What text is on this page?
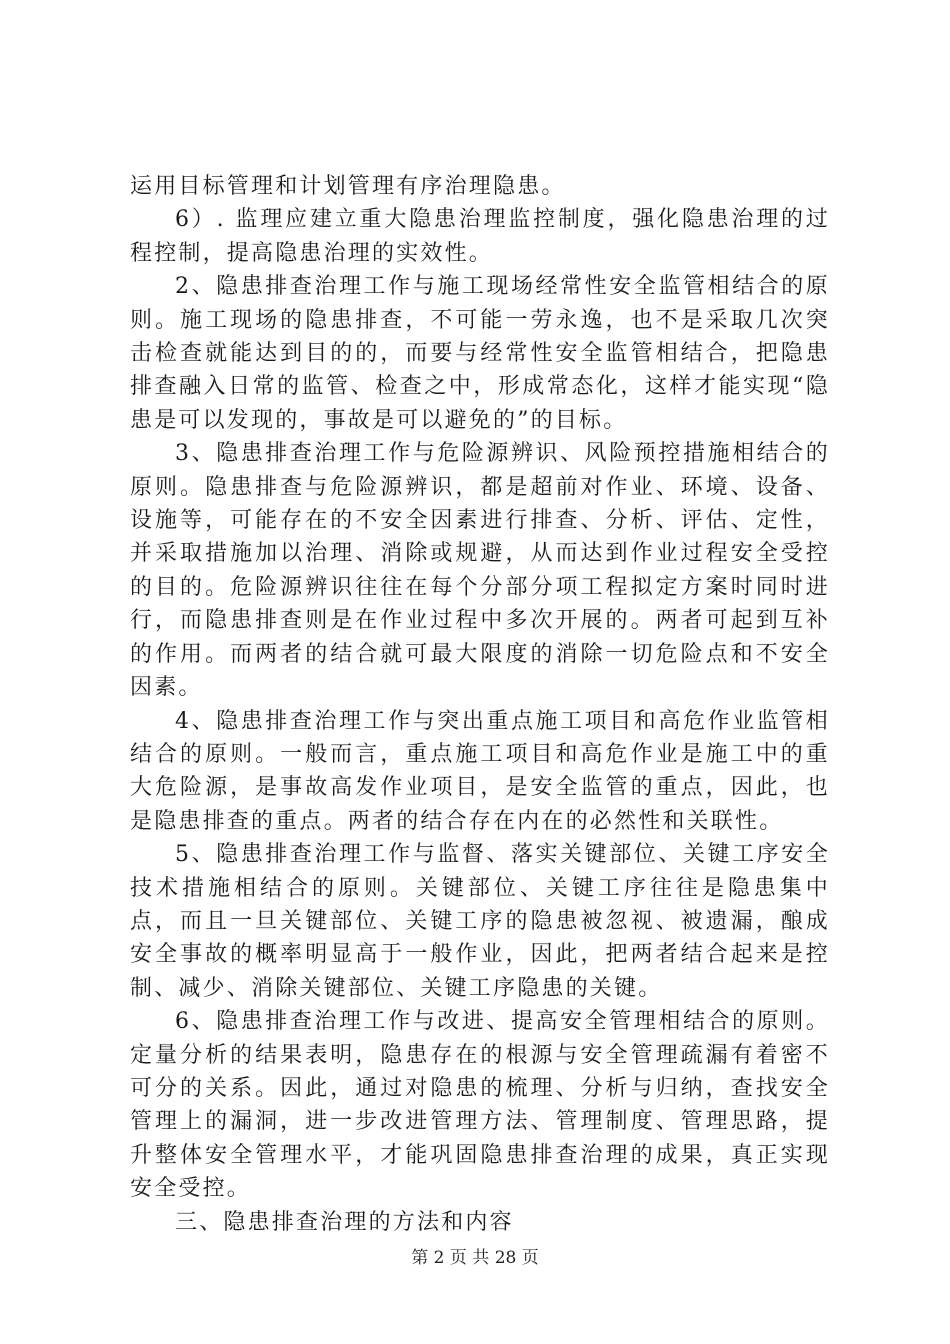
运用目标管理和计划管理有序治理隐患。

6）. 监理应建立重大隐患治理监控制度，强化隐患治理的过程控制，提高隐患治理的实效性。

2、隐患排查治理工作与施工现场经常性安全监管相结合的原则。施工现场的隐患排查，不可能一劳永逸，也不是采取几次突击检查就能达到目的的，而要与经常性安全监管相结合，把隐患排查融入日常的监管、检查之中，形成常态化，这样才能实现“隐患是可以发现的，事故是可以避免的”的目标。

3、隐患排查治理工作与危险源辨识、风险预控措施相结合的原则。隐患排查与危险源辨识，都是超前对作业、环境、设备、设施等，可能存在的不安全因素进行排查、分析、评估、定性，并采取措施加以治理、消除或规避，从而达到作业过程安全受控的目的。危险源辨识往往在每个分部分项工程拟定方案时同时进行，而隐患排查则是在作业过程中多次开展的。两者可起到互补的作用。而两者的结合就可最大限度的消除一切危险点和不安全因素。

4、隐患排查治理工作与突出重点施工项目和高危作业监管相结合的原则。一般而言，重点施工项目和高危作业是施工中的重大危险源，是事故高发作业项目，是安全监管的重点，因此，也是隐患排查的重点。两者的结合存在内在的必然性和关联性。

5、隐患排查治理工作与监督、落实关键部位、关键工序安全技术措施相结合的原则。关键部位、关键工序往往是隐患集中点，而且一旦关键部位、关键工序的隐患被忽视、被遗漏，酿成安全事故的概率明显高于一般作业，因此，把两者结合起来是控制、减少、消除关键部位、关键工序隐患的关键。

6、隐患排查治理工作与改进、提高安全管理相结合的原则。定量分析的结果表明，隐患存在的根源与安全管理疏漏有着密不可分的关系。因此，通过对隐患的梳理、分析与归纳，查找安全管理上的漏洞，进一步改进管理方法、管理制度、管理思路，提升整体安全管理水平，才能巩固隐患排查治理的成果，真正实现安全受控。

三、隐患排查治理的方法和内容

第 2 页 共 28 页
